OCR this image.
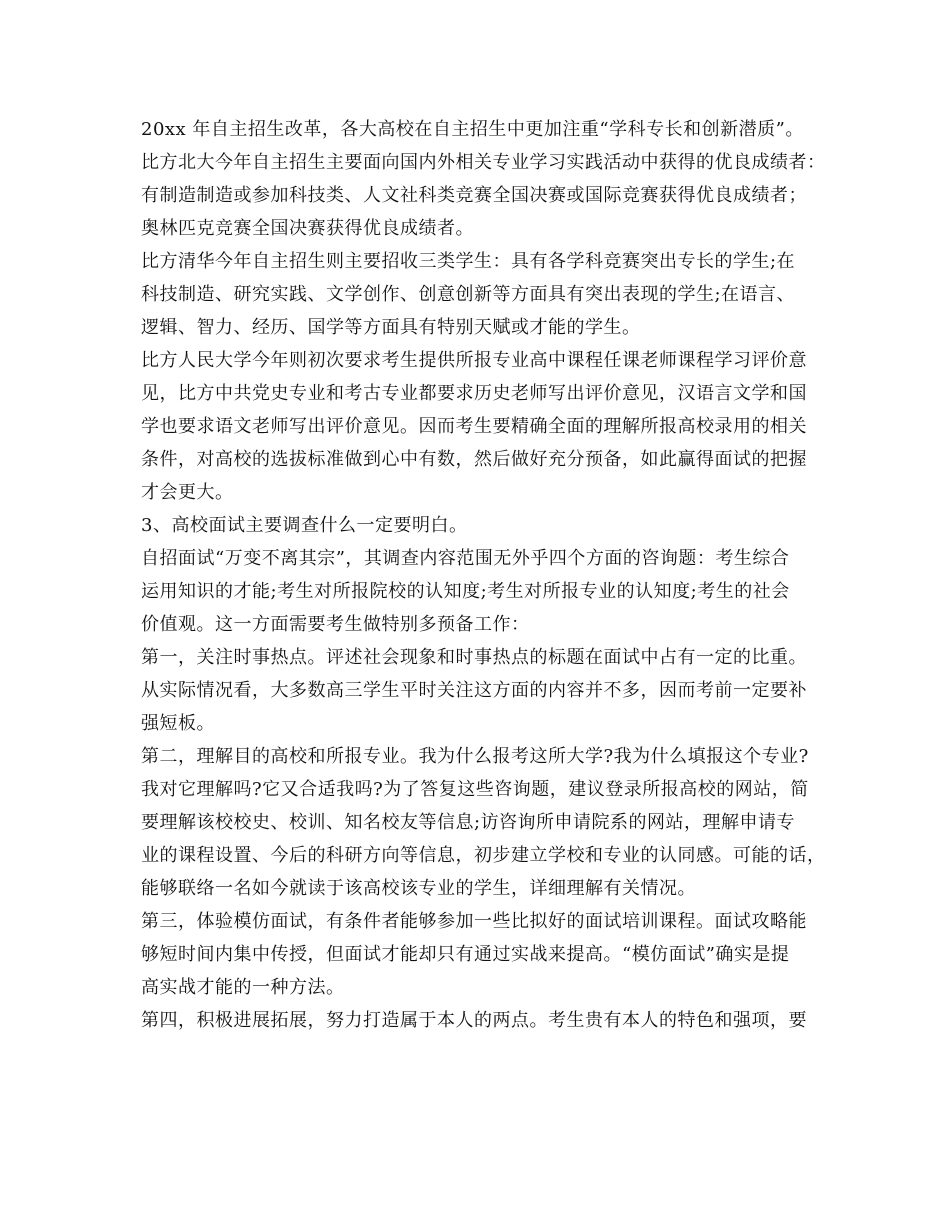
20xx 年自主招生改革，各大高校在自主招生中更加注重“学科专长和创新潜质”。
比方北大今年自主招生主要面向国内外相关专业学习实践活动中获得的优良成绩者：
有制造制造或参加科技类、人文社科类竞赛全国决赛或国际竞赛获得优良成绩者；
奥林匹克竞赛全国决赛获得优良成绩者。
比方清华今年自主招生则主要招收三类学生：具有各学科竞赛突出专长的学生;在
科技制造、研究实践、文学创作、创意创新等方面具有突出表现的学生;在语言、
逻辑、智力、经历、国学等方面具有特别天赋或才能的学生。
比方人民大学今年则初次要求考生提供所报专业高中课程任课老师课程学习评价意
见，比方中共党史专业和考古专业都要求历史老师写出评价意见，汉语言文学和国
学也要求语文老师写出评价意见。因而考生要精确全面的理解所报高校录用的相关
条件，对高校的选拔标准做到心中有数，然后做好充分预备，如此赢得面试的把握
才会更大。
3、高校面试主要调查什么一定要明白。
自招面试“万变不离其宗”，其调查内容范围无外乎四个方面的咨询题：考生综合
运用知识的才能;考生对所报院校的认知度;考生对所报专业的认知度;考生的社会
价值观。这一方面需要考生做特别多预备工作：
第一，关注时事热点。评述社会现象和时事热点的标题在面试中占有一定的比重。
从实际情况看，大多数高三学生平时关注这方面的内容并不多，因而考前一定要补
强短板。
第二，理解目的高校和所报专业。我为什么报考这所大学?我为什么填报这个专业?
我对它理解吗?它又合适我吗?为了答复这些咨询题，建议登录所报高校的网站，简
要理解该校校史、校训、知名校友等信息;访咨询所申请院系的网站，理解申请专
业的课程设置、今后的科研方向等信息，初步建立学校和专业的认同感。可能的话，
能够联络一名如今就读于该高校该专业的学生，详细理解有关情况。
第三，体验模仿面试，有条件者能够参加一些比拟好的面试培训课程。面试攻略能
够短时间内集中传授，但面试才能却只有通过实战来提高。“模仿面试”确实是提
高实战才能的一种方法。
第四，积极进展拓展，努力打造属于本人的两点。考生贵有本人的特色和强项，要
